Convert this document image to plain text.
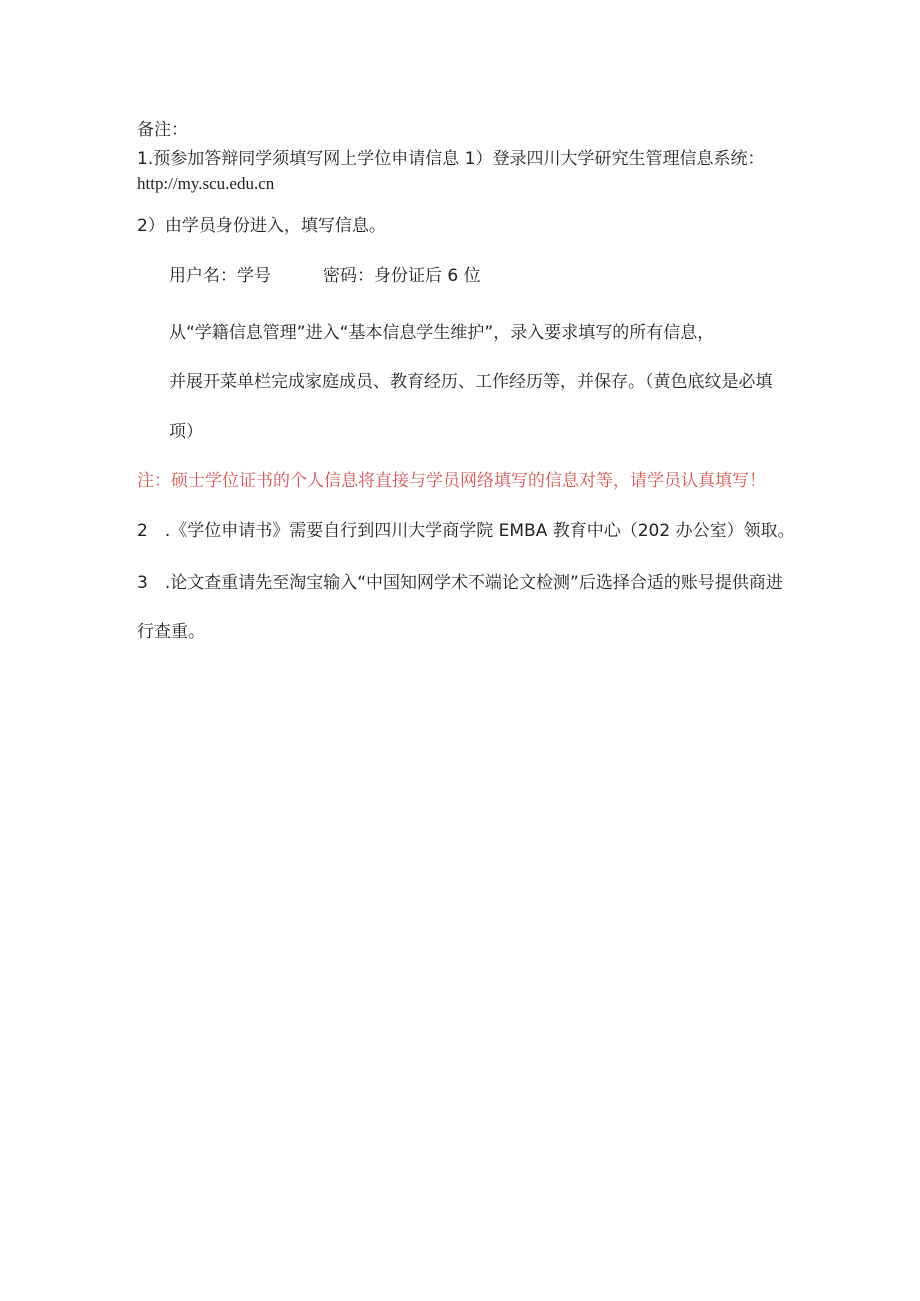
备注：
1.预参加答辩同学须填写网上学位申请信息 1）登录四川大学研究生管理信息系统：
http://my.scu.edu.cn
2）由学员身份进入，填写信息。
用户名：学号	密码：身份证后 6 位
从“学籍信息管理”进入“基本信息学生维护”，录入要求填写的所有信息，
并展开菜单栏完成家庭成员、教育经历、工作经历等，并保存。（黄色底纹是必填
项）
注：硕士学位证书的个人信息将直接与学员网络填写的信息对等，请学员认真填写！
2　.《学位申请书》需要自行到四川大学商学院 EMBA 教育中心（202 办公室）领取。
3　.论文查重请先至淘宝输入“中国知网学术不端论文检测”后选择合适的账号提供商进
行查重。
